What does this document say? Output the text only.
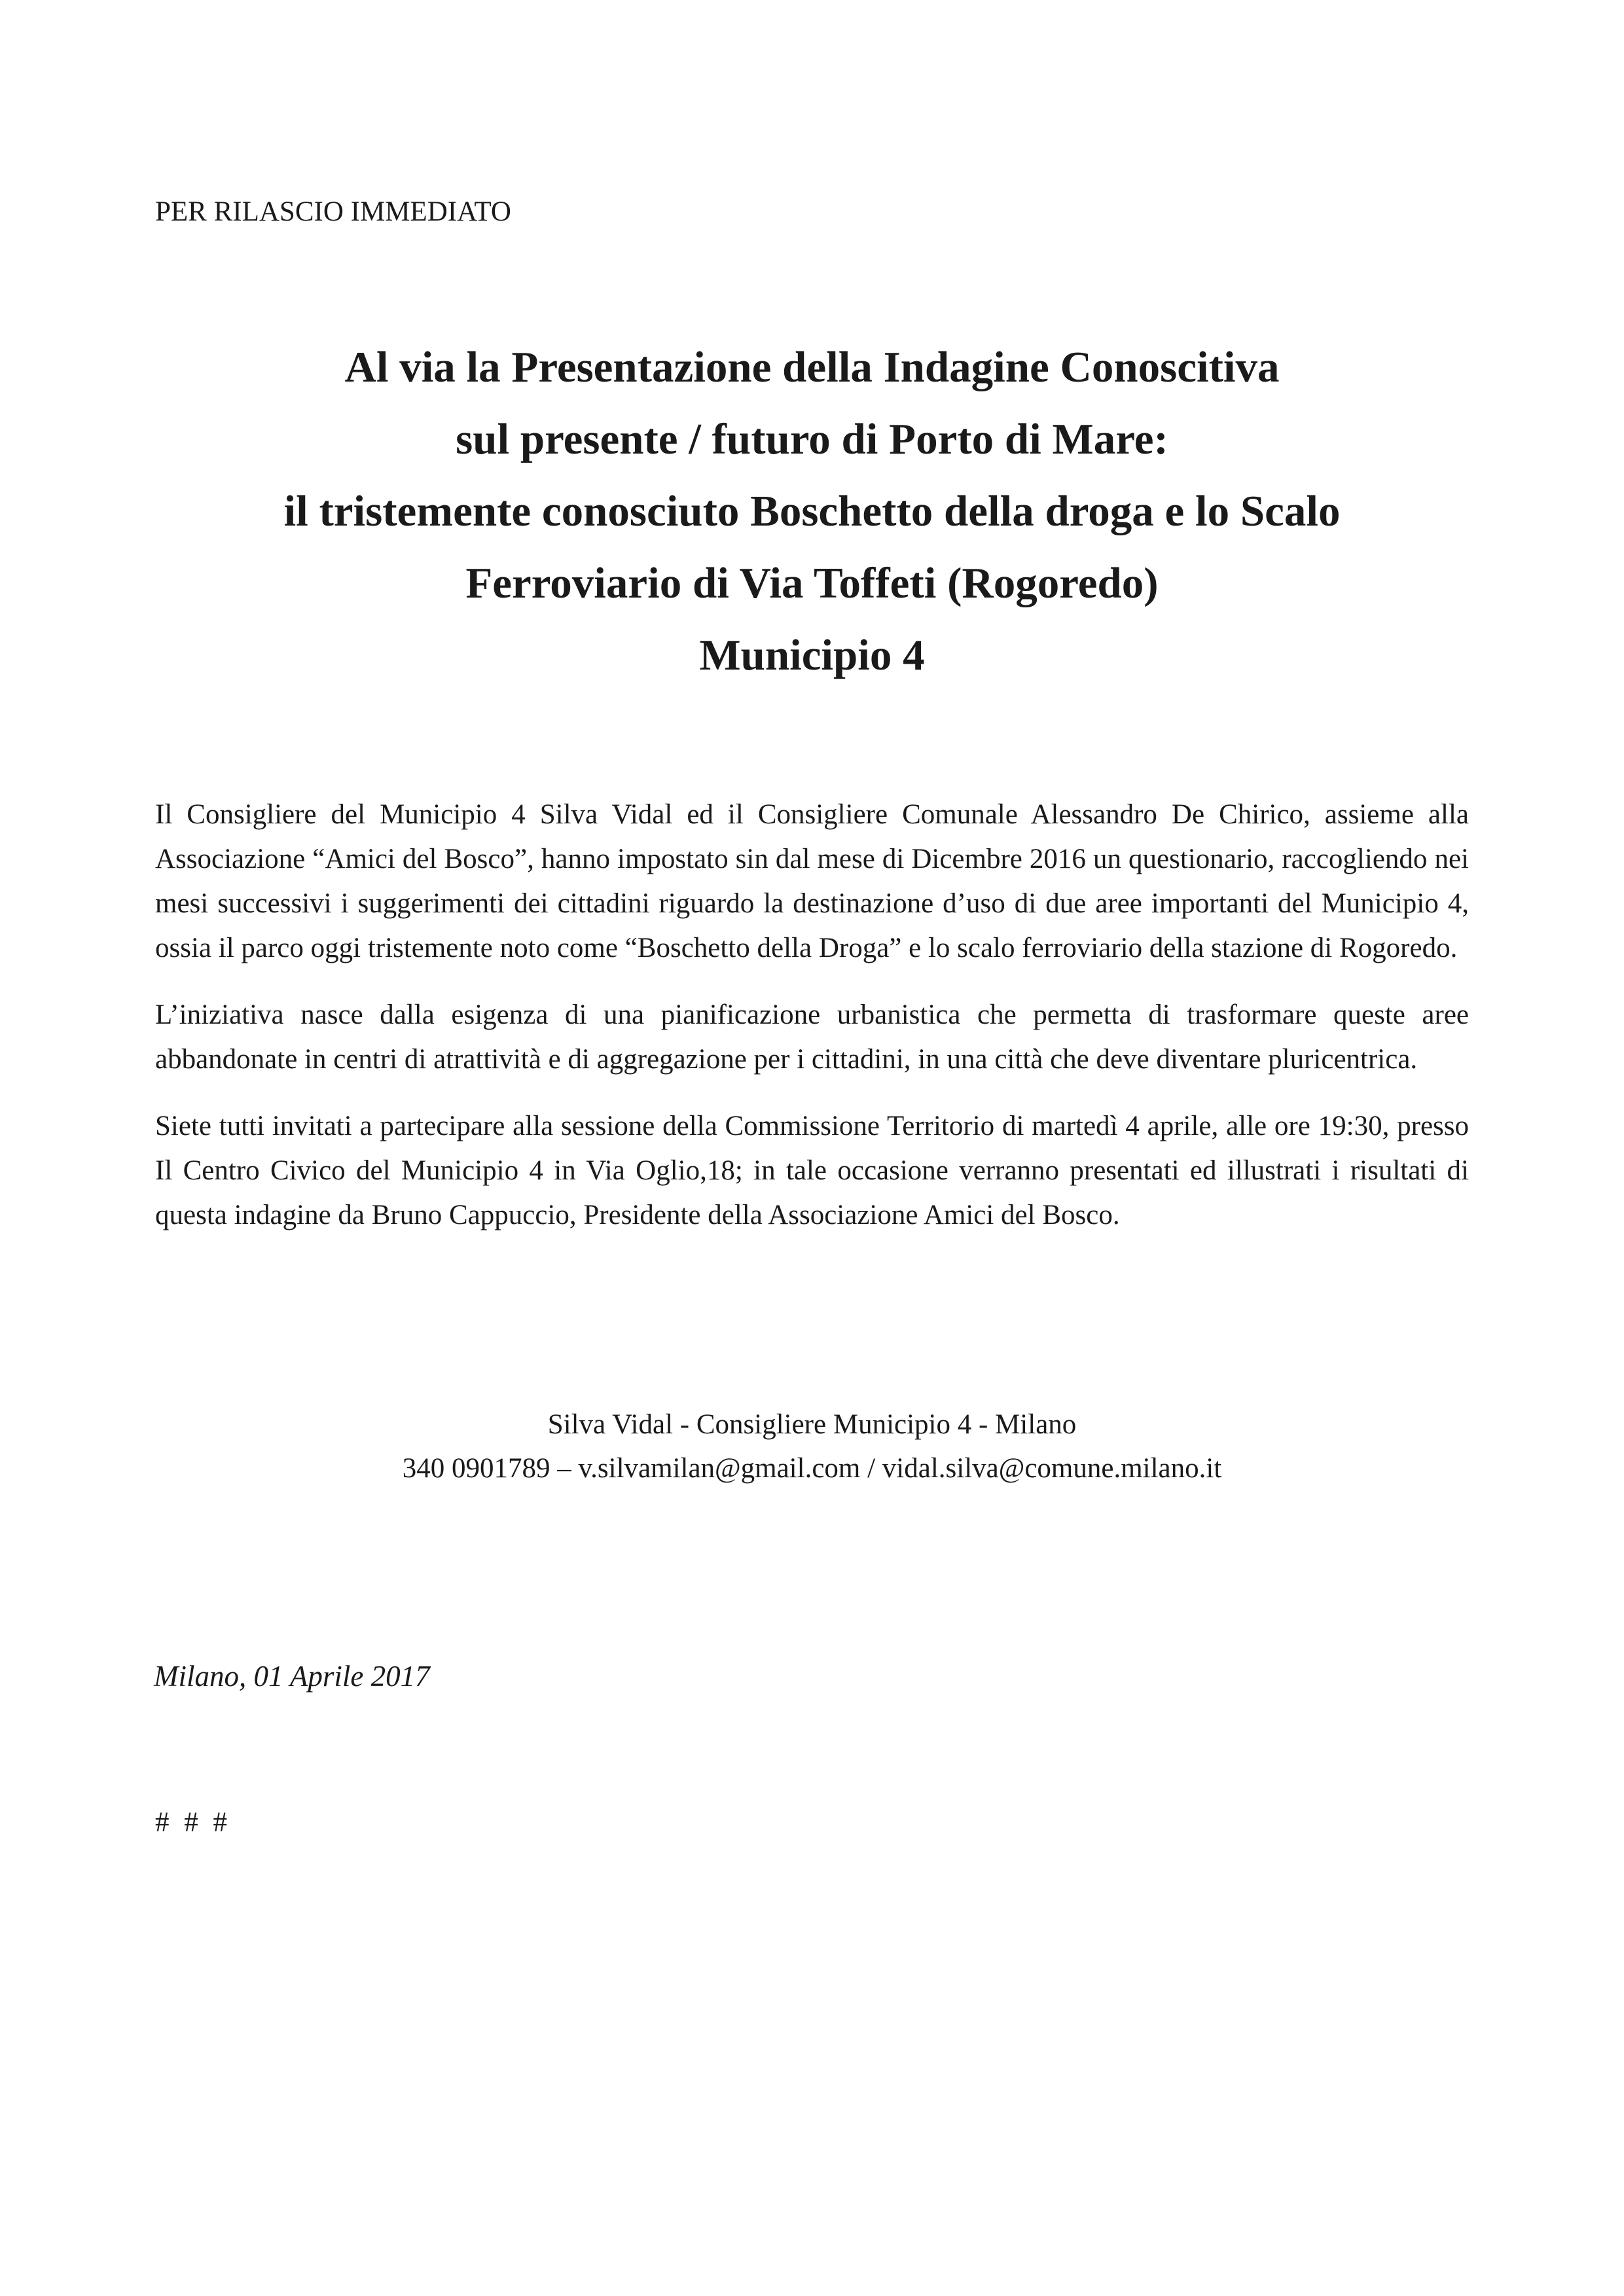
PER RILASCIO IMMEDIATO
Al via la Presentazione della Indagine Conoscitiva
sul presente / futuro di Porto di Mare:
il tristemente conosciuto Boschetto della droga e lo Scalo
Ferroviario di Via Toffeti (Rogoredo)
Municipio 4

Il Consigliere del Municipio 4 Silva Vidal ed il Consigliere Comunale Alessandro De Chirico, assieme alla Associazione “Amici del Bosco”, hanno impostato sin dal mese di Dicembre 2016 un questionario, raccogliendo nei mesi successivi i suggerimenti dei cittadini riguardo la destinazione d’uso di due aree importanti del Municipio 4, ossia il parco oggi tristemente noto come “Boschetto della Droga” e lo scalo ferroviario della stazione di Rogoredo.

L’iniziativa nasce dalla esigenza di una pianificazione urbanistica che permetta di trasformare queste aree abbandonate in centri di atrattività e di aggregazione per i cittadini, in una città che deve diventare pluricentrica.

Siete tutti invitati a partecipare alla sessione della Commissione Territorio di martedì 4 aprile, alle ore 19:30, presso Il Centro Civico del Municipio 4 in Via Oglio,18; in tale occasione verranno presentati ed illustrati i risultati di questa indagine da Bruno Cappuccio, Presidente della Associazione Amici del Bosco.

Silva Vidal - Consigliere Municipio 4 - Milano
340 0901789 – v.silvamilan@gmail.com / vidal.silva@comune.milano.it
Milano, 01 Aprile 2017
# # #
